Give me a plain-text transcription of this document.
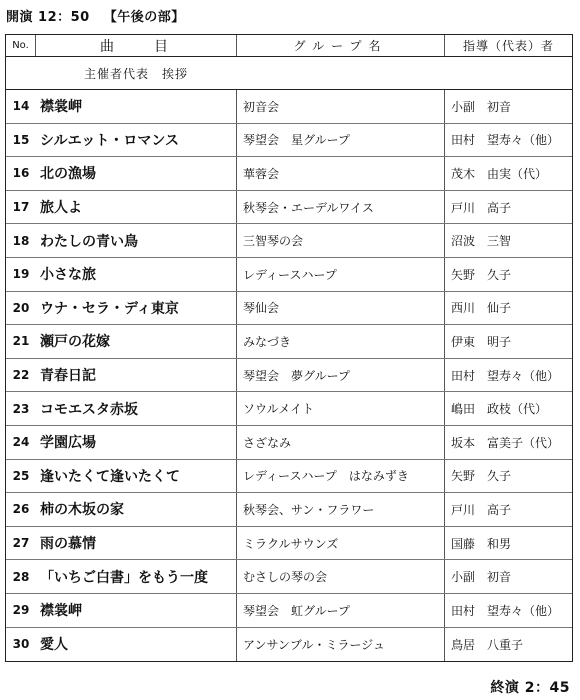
開演 12：50 【午後の部】
No.	曲　　目	グループ名	指導（代表）者
主催者代表　挨拶
14 襟裳岬	初音会	小副　初音
15 シルエット・ロマンス	琴望会　星グループ	田村　望寿々（他）
16 北の漁場	華蓉会	茂木　由実（代）
17 旅人よ	秋琴会・エーデルワイス	戸川　高子
18 わたしの青い鳥	三智琴の会	沼波　三智
19 小さな旅	レディースハープ	矢野　久子
20 ウナ・セラ・ディ東京	琴仙会	西川　仙子
21 瀬戸の花嫁	みなづき	伊東　明子
22 青春日記	琴望会　夢グループ	田村　望寿々（他）
23 コモエスタ赤坂	ソウルメイト	嶋田　政枝（代）
24 学園広場	さざなみ	坂本　富美子（代）
25 逢いたくて逢いたくて	レディースハープ　はなみずき	矢野　久子
26 柿の木坂の家	秋琴会、サン・フラワー	戸川　高子
27 雨の慕情	ミラクルサウンズ	国藤　和男
28 「いちご白書」をもう一度	むさしの琴の会	小副　初音
29 襟裳岬	琴望会　虹グループ	田村　望寿々（他）
30 愛人	アンサンブル・ミラージュ	鳥居　八重子
終演 2：45
